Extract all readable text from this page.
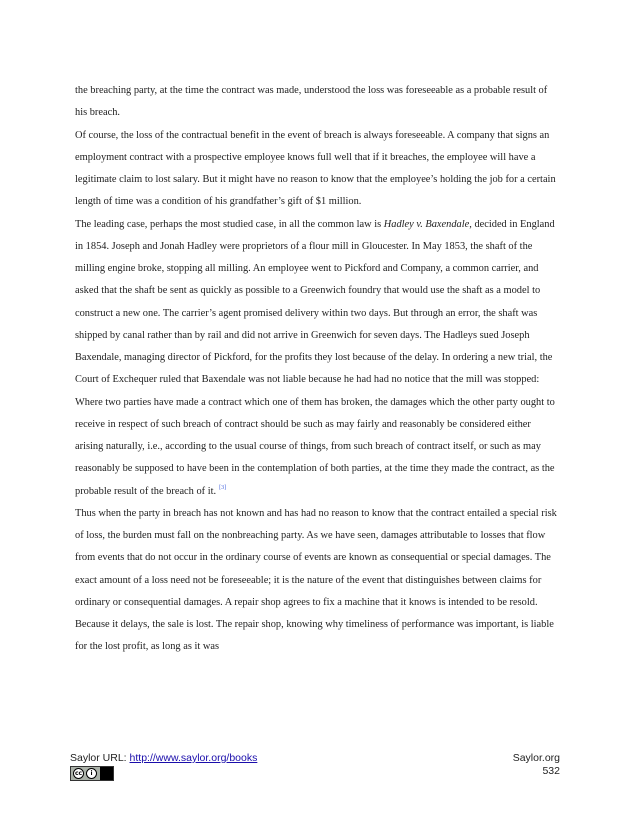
the breaching party, at the time the contract was made, understood the loss was foreseeable as a probable result of his breach.

Of course, the loss of the contractual benefit in the event of breach is always foreseeable. A company that signs an employment contract with a prospective employee knows full well that if it breaches, the employee will have a legitimate claim to lost salary. But it might have no reason to know that the employee’s holding the job for a certain length of time was a condition of his grandfather’s gift of $1 million.

The leading case, perhaps the most studied case, in all the common law is Hadley v. Baxendale, decided in England in 1854. Joseph and Jonah Hadley were proprietors of a flour mill in Gloucester. In May 1853, the shaft of the milling engine broke, stopping all milling. An employee went to Pickford and Company, a common carrier, and asked that the shaft be sent as quickly as possible to a Greenwich foundry that would use the shaft as a model to construct a new one. The carrier’s agent promised delivery within two days. But through an error, the shaft was shipped by canal rather than by rail and did not arrive in Greenwich for seven days. The Hadleys sued Joseph Baxendale, managing director of Pickford, for the profits they lost because of the delay. In ordering a new trial, the Court of Exchequer ruled that Baxendale was not liable because he had had no notice that the mill was stopped:

Where two parties have made a contract which one of them has broken, the damages which the other party ought to receive in respect of such breach of contract should be such as may fairly and reasonably be considered either arising naturally, i.e., according to the usual course of things, from such breach of contract itself, or such as may reasonably be supposed to have been in the contemplation of both parties, at the time they made the contract, as the probable result of the breach of it. [3]

Thus when the party in breach has not known and has had no reason to know that the contract entailed a special risk of loss, the burden must fall on the nonbreaching party. As we have seen, damages attributable to losses that flow from events that do not occur in the ordinary course of events are known as consequential or special damages. The exact amount of a loss need not be foreseeable; it is the nature of the event that distinguishes between claims for ordinary or consequential damages. A repair shop agrees to fix a machine that it knows is intended to be resold. Because it delays, the sale is lost. The repair shop, knowing why timeliness of performance was important, is liable for the lost profit, as long as it was

Saylor URL: http://www.saylor.org/books
cc	i
Saylor.org
532
